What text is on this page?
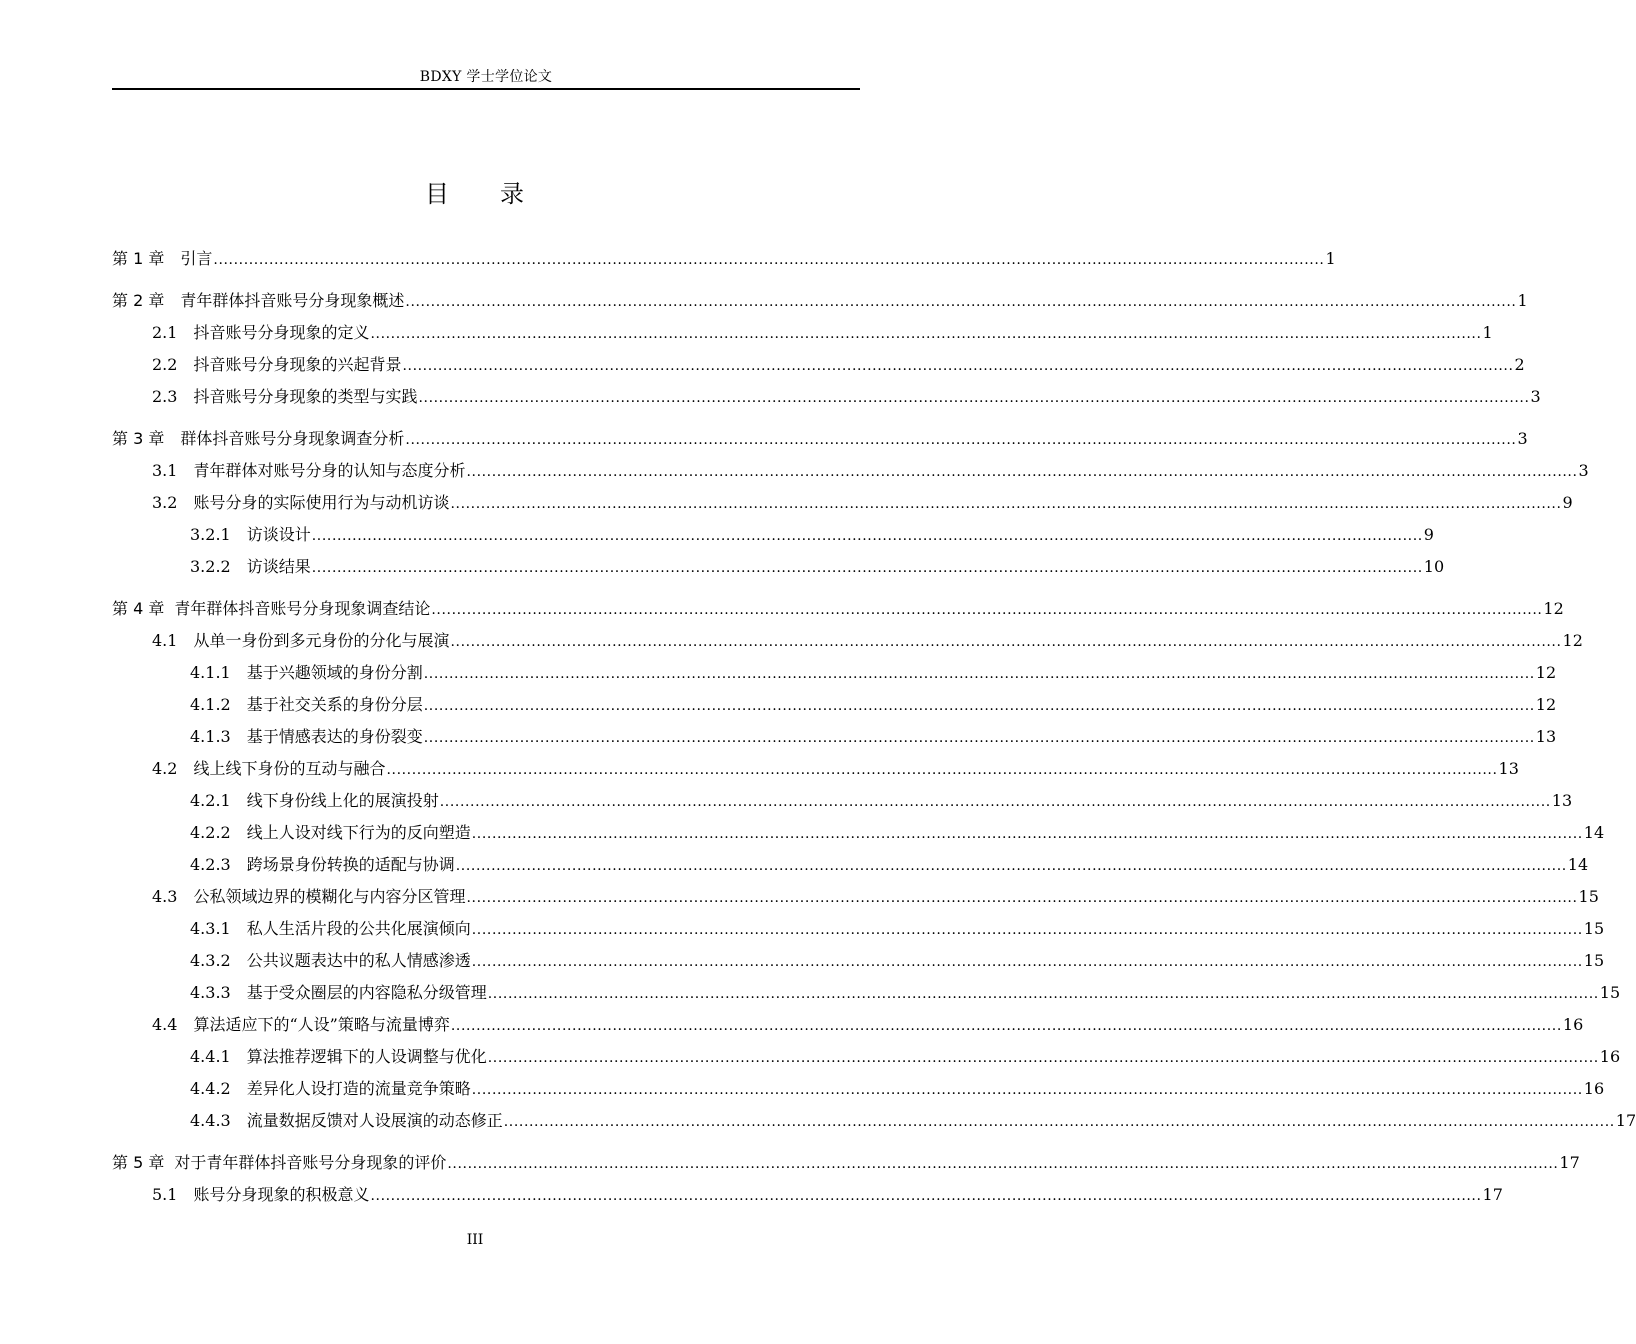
BDXY 学士学位论文
目　　录
第 1 章
　 引言 ............................................................................................................................................................................................................................ 1
第 2 章
　 青年群体抖音账号分身现象概述 ............................................................................................................................................................................................................................ 1
2.1
　 抖音账号分身现象的定义 ............................................................................................................................................................................................................................ 1
2.2
　 抖音账号分身现象的兴起背景 ............................................................................................................................................................................................................................ 2
2.3
　 抖音账号分身现象的类型与实践 ............................................................................................................................................................................................................................ 3
第 3 章
　 群体抖音账号分身现象调查分析 ............................................................................................................................................................................................................................ 3
3.1
　 青年群体对账号分身的认知与态度分析 ............................................................................................................................................................................................................................ 3
3.2
　 账号分身的实际使用行为与动机访谈 ............................................................................................................................................................................................................................ 9
3.2.1
　 访谈设计 ............................................................................................................................................................................................................................ 9
3.2.2
　 访谈结果 ............................................................................................................................................................................................................................ 10
第 4 章
青年群体抖音账号分身现象调查结论 ............................................................................................................................................................................................................................ 12
4.1
　 从单一身份到多元身份的分化与展演 ............................................................................................................................................................................................................................ 12
4.1.1
　 基于兴趣领域的身份分割 ............................................................................................................................................................................................................................ 12
4.1.2
　 基于社交关系的身份分层 ............................................................................................................................................................................................................................ 12
4.1.3
　 基于情感表达的身份裂变 ............................................................................................................................................................................................................................ 13
4.2
　 线上线下身份的互动与融合 ............................................................................................................................................................................................................................ 13
4.2.1
　 线下身份线上化的展演投射 ............................................................................................................................................................................................................................ 13
4.2.2
　 线上人设对线下行为的反向塑造 ............................................................................................................................................................................................................................ 14
4.2.3
　 跨场景身份转换的适配与协调 ............................................................................................................................................................................................................................ 14
4.3
　 公私领域边界的模糊化与内容分区管理 ............................................................................................................................................................................................................................ 15
4.3.1
　 私人生活片段的公共化展演倾向 ............................................................................................................................................................................................................................ 15
4.3.2
　 公共议题表达中的私人情感渗透 ............................................................................................................................................................................................................................ 15
4.3.3
　 基于受众圈层的内容隐私分级管理 ............................................................................................................................................................................................................................ 15
4.4
　 算法适应下的“人设”策略与流量博弈 ............................................................................................................................................................................................................................ 16
4.4.1
　 算法推荐逻辑下的人设调整与优化 ............................................................................................................................................................................................................................ 16
4.4.2
　 差异化人设打造的流量竞争策略 ............................................................................................................................................................................................................................ 16
4.4.3
　 流量数据反馈对人设展演的动态修正 ............................................................................................................................................................................................................................ 17
第 5 章
对于青年群体抖音账号分身现象的评价 ............................................................................................................................................................................................................................ 17
5.1
　 账号分身现象的积极意义 ............................................................................................................................................................................................................................ 17
III
